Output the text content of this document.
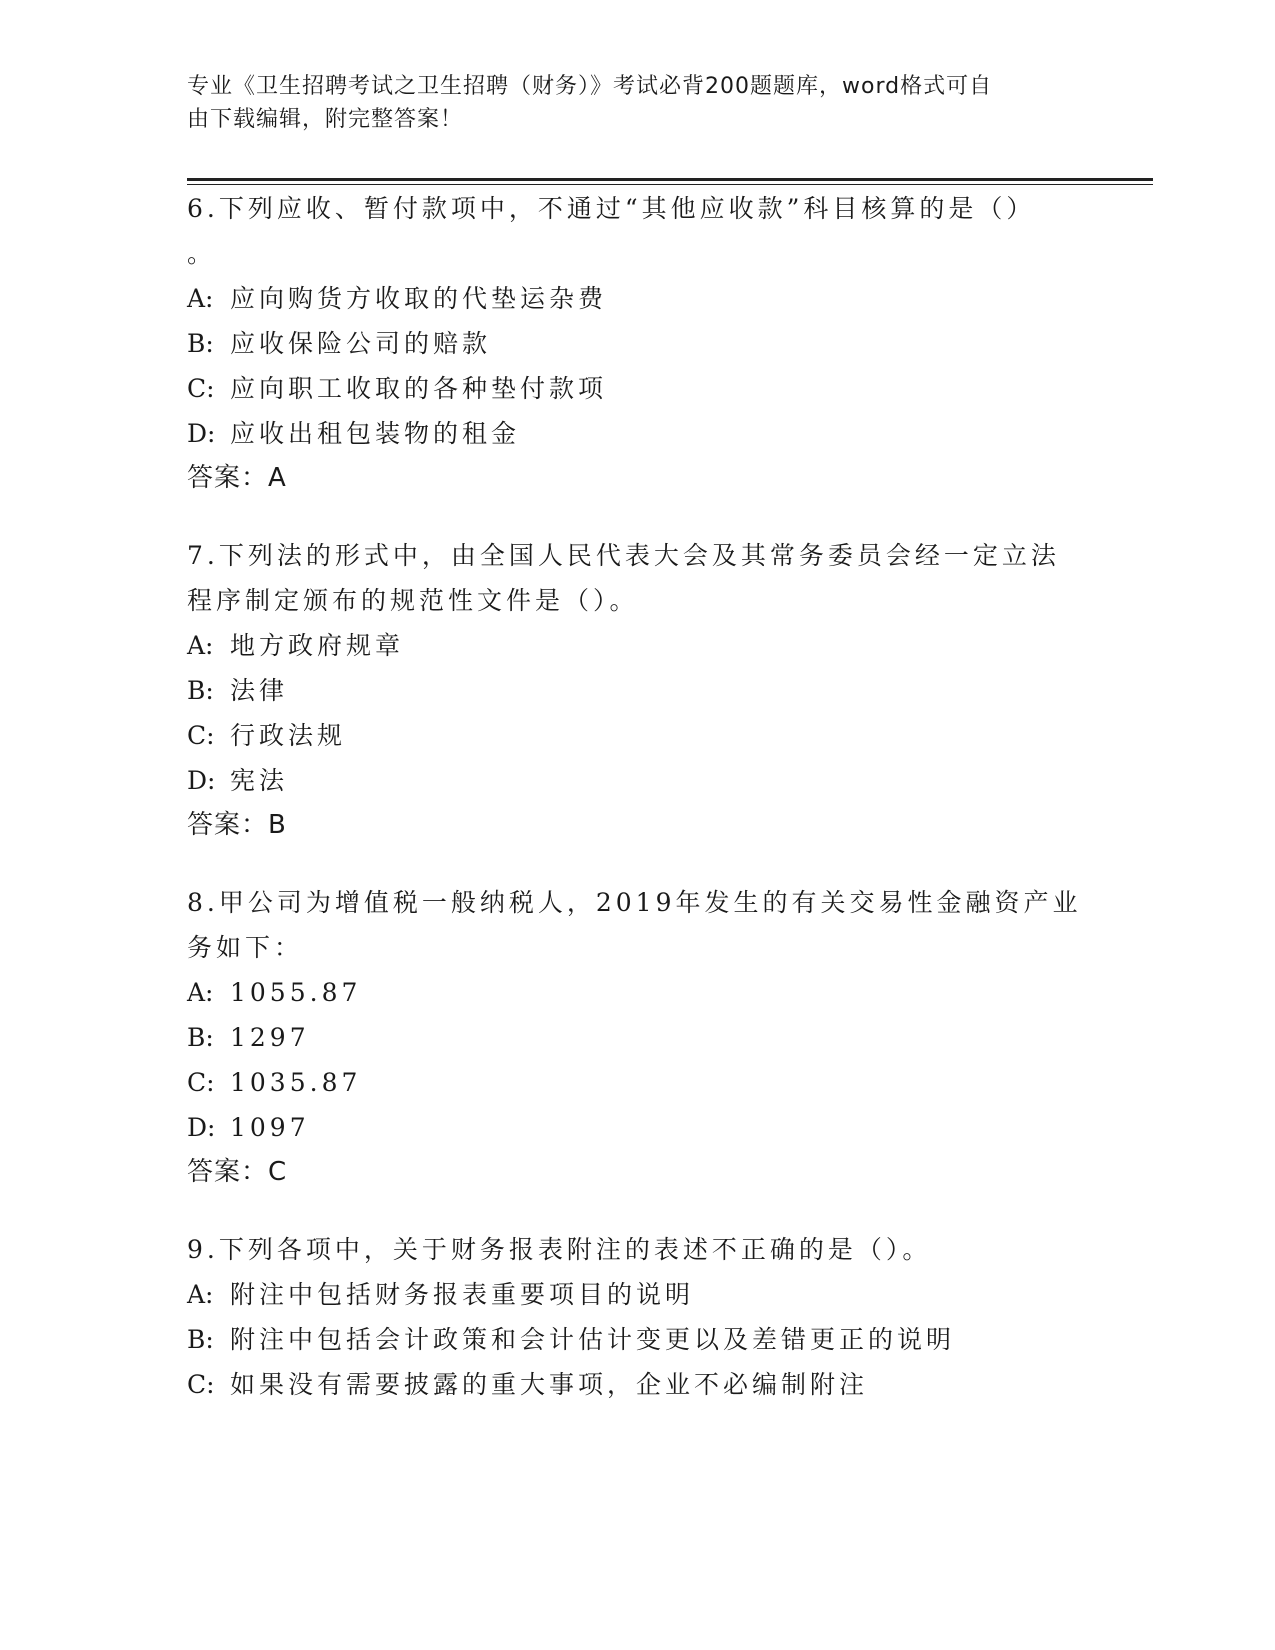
专业《卫生招聘考试之卫生招聘（财务）》考试必背200题题库，word格式可自
由下载编辑，附完整答案！

6.下列应收、暂付款项中，不通过“其他应收款”科目核算的是（）

。

A: 应向购货方收取的代垫运杂费

B: 应收保险公司的赔款

C: 应向职工收取的各种垫付款项

D: 应收出租包装物的租金

答案：A

7.下列法的形式中，由全国人民代表大会及其常务委员会经一定立法

程序制定颁布的规范性文件是（）。

A: 地方政府规章

B: 法律

C: 行政法规

D: 宪法

答案：B

8.甲公司为增值税一般纳税人，2019年发生的有关交易性金融资产业

务如下：

A: 1055.87

B: 1297

C: 1035.87

D: 1097

答案：C

9.下列各项中，关于财务报表附注的表述不正确的是（）。

A: 附注中包括财务报表重要项目的说明

B: 附注中包括会计政策和会计估计变更以及差错更正的说明

C: 如果没有需要披露的重大事项，企业不必编制附注
